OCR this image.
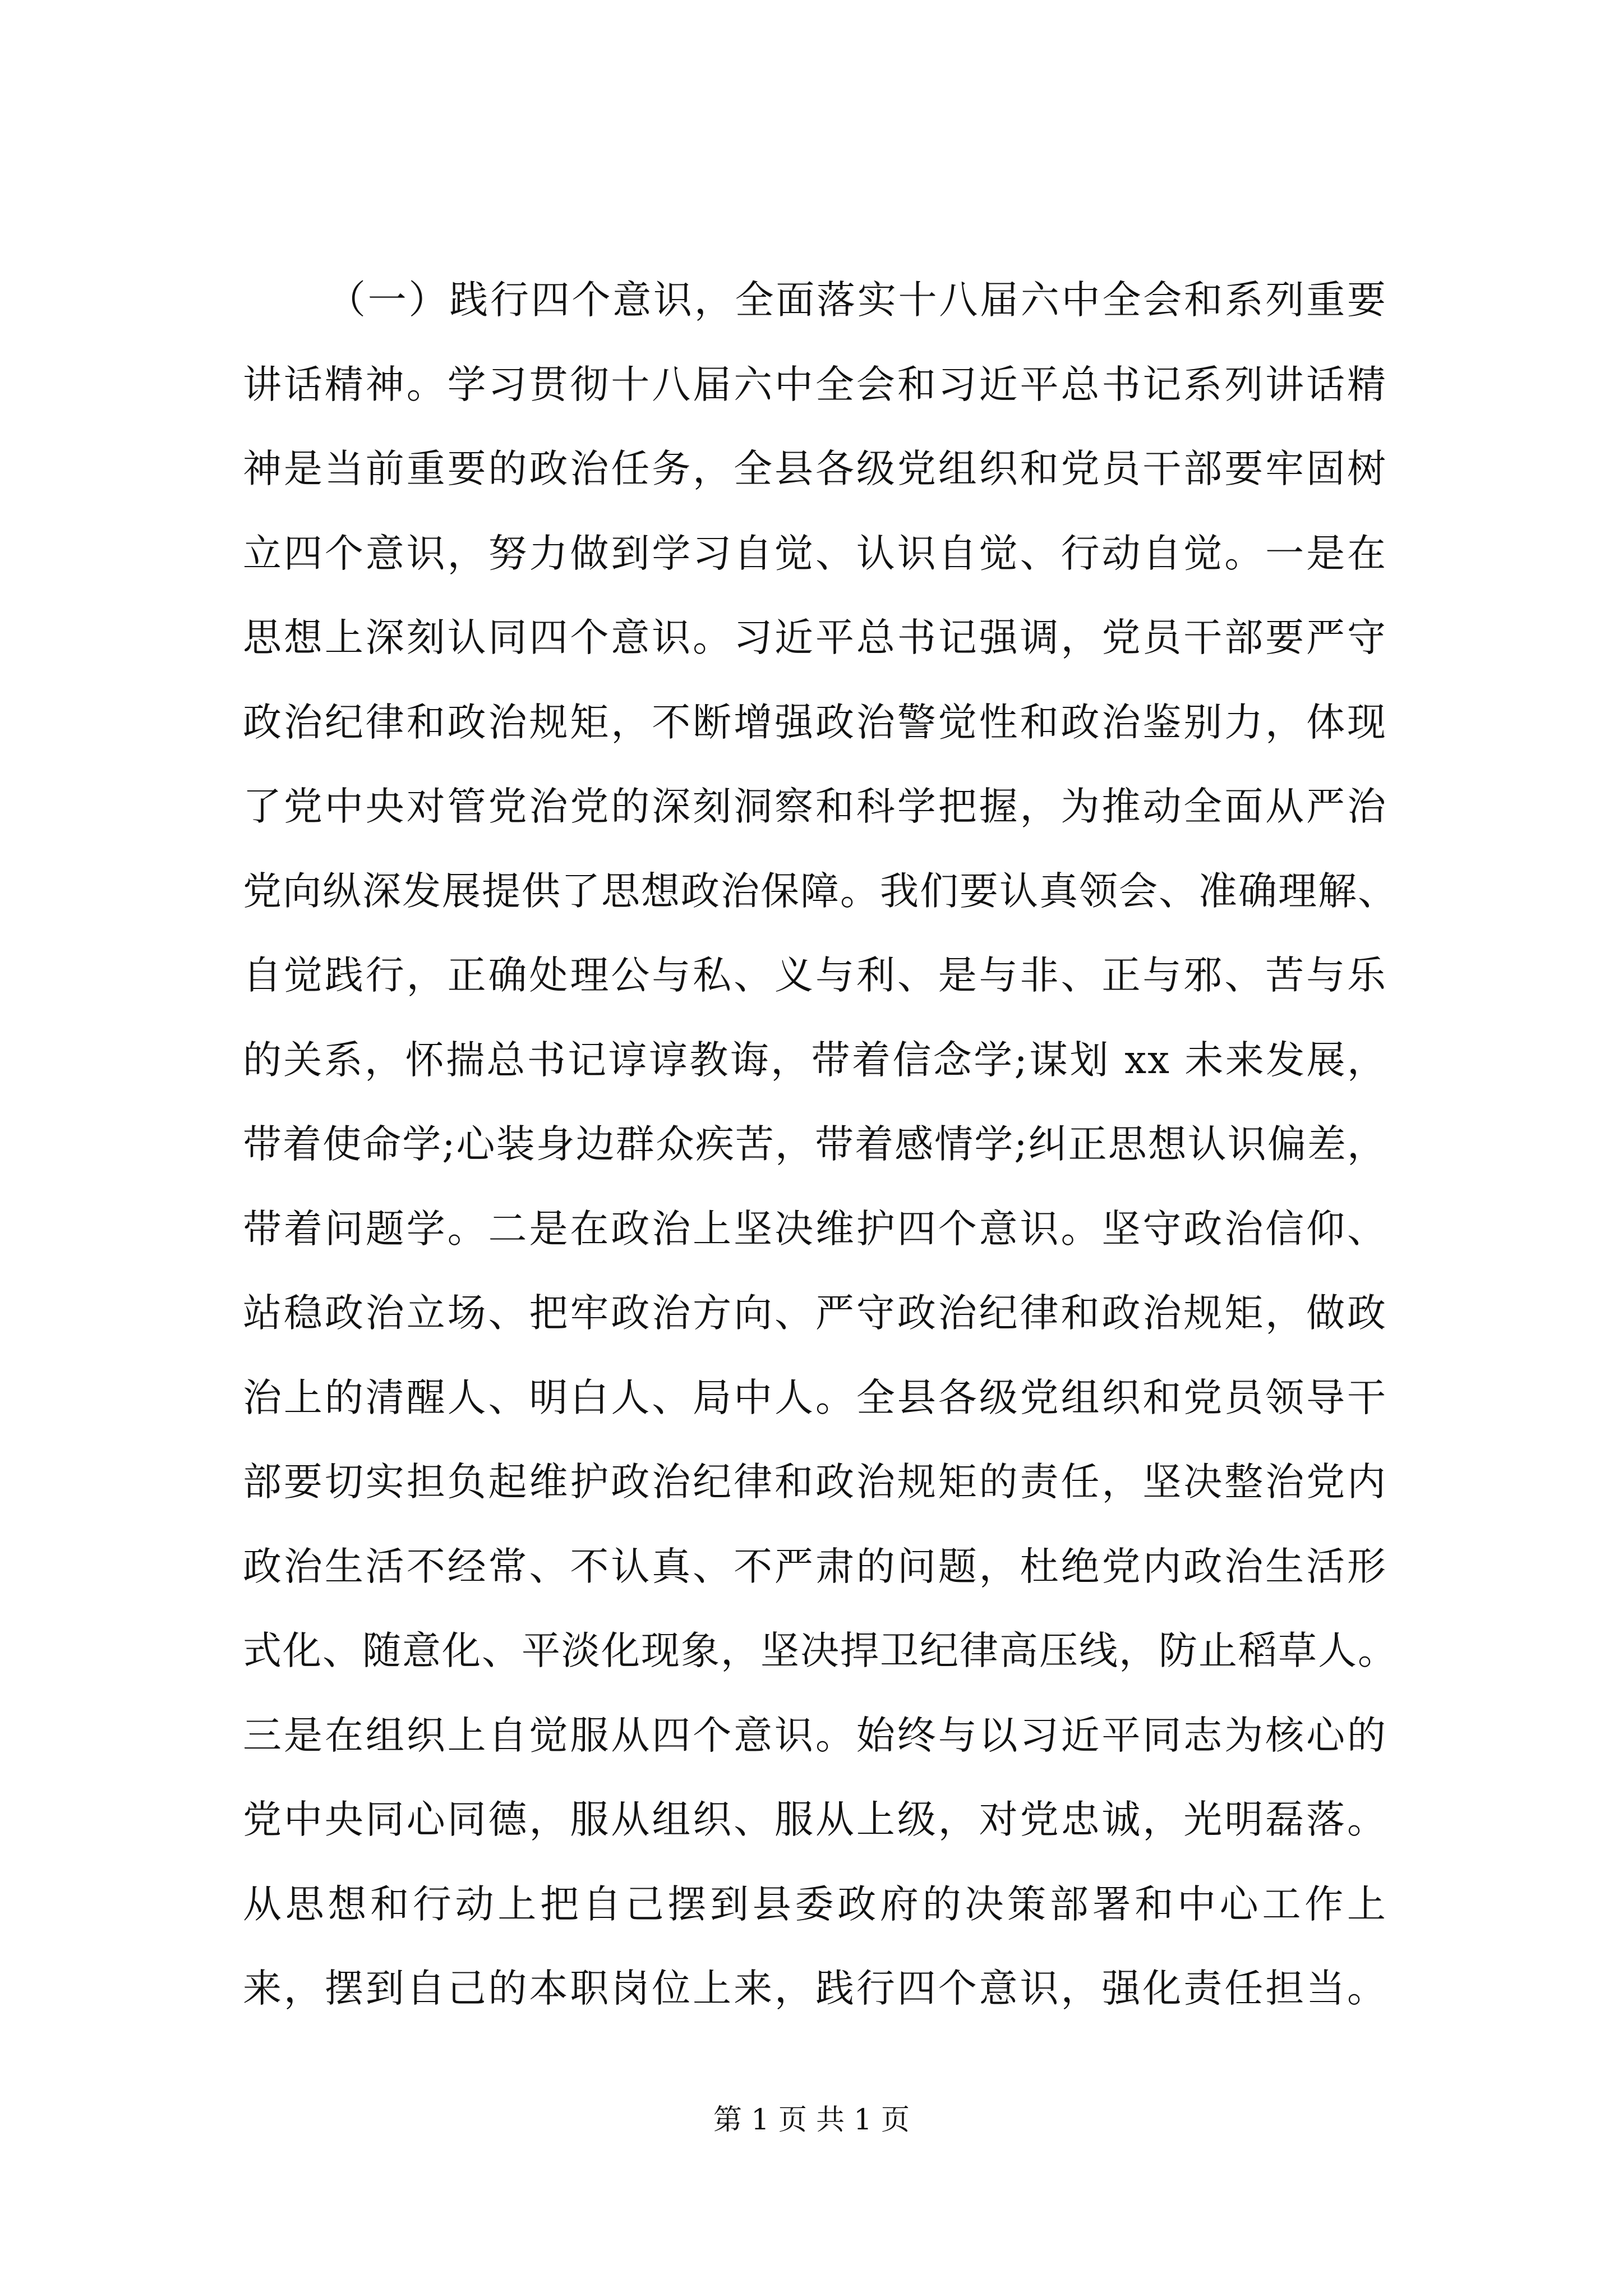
（一）践行四个意识，全面落实十八届六中全会和系列重要
讲话精神。学习贯彻十八届六中全会和习近平总书记系列讲话精
神是当前重要的政治任务，全县各级党组织和党员干部要牢固树
立四个意识，努力做到学习自觉、认识自觉、行动自觉。一是在
思想上深刻认同四个意识。习近平总书记强调，党员干部要严守
政治纪律和政治规矩，不断增强政治警觉性和政治鉴别力，体现
了党中央对管党治党的深刻洞察和科学把握，为推动全面从严治
党向纵深发展提供了思想政治保障。我们要认真领会、准确理解、
自觉践行，正确处理公与私、义与利、是与非、正与邪、苦与乐
的关系，怀揣总书记谆谆教诲，带着信念学;谋划 xx 未来发展，
带着使命学;心装身边群众疾苦，带着感情学;纠正思想认识偏差，
带着问题学。二是在政治上坚决维护四个意识。坚守政治信仰、
站稳政治立场、把牢政治方向、严守政治纪律和政治规矩，做政
治上的清醒人、明白人、局中人。全县各级党组织和党员领导干
部要切实担负起维护政治纪律和政治规矩的责任，坚决整治党内
政治生活不经常、不认真、不严肃的问题，杜绝党内政治生活形
式化、随意化、平淡化现象，坚决捍卫纪律高压线，防止稻草人。
三是在组织上自觉服从四个意识。始终与以习近平同志为核心的
党中央同心同德，服从组织、服从上级，对党忠诚，光明磊落。
从思想和行动上把自己摆到县委政府的决策部署和中心工作上
来，摆到自己的本职岗位上来，践行四个意识，强化责任担当。
第 1 页 共 1 页
